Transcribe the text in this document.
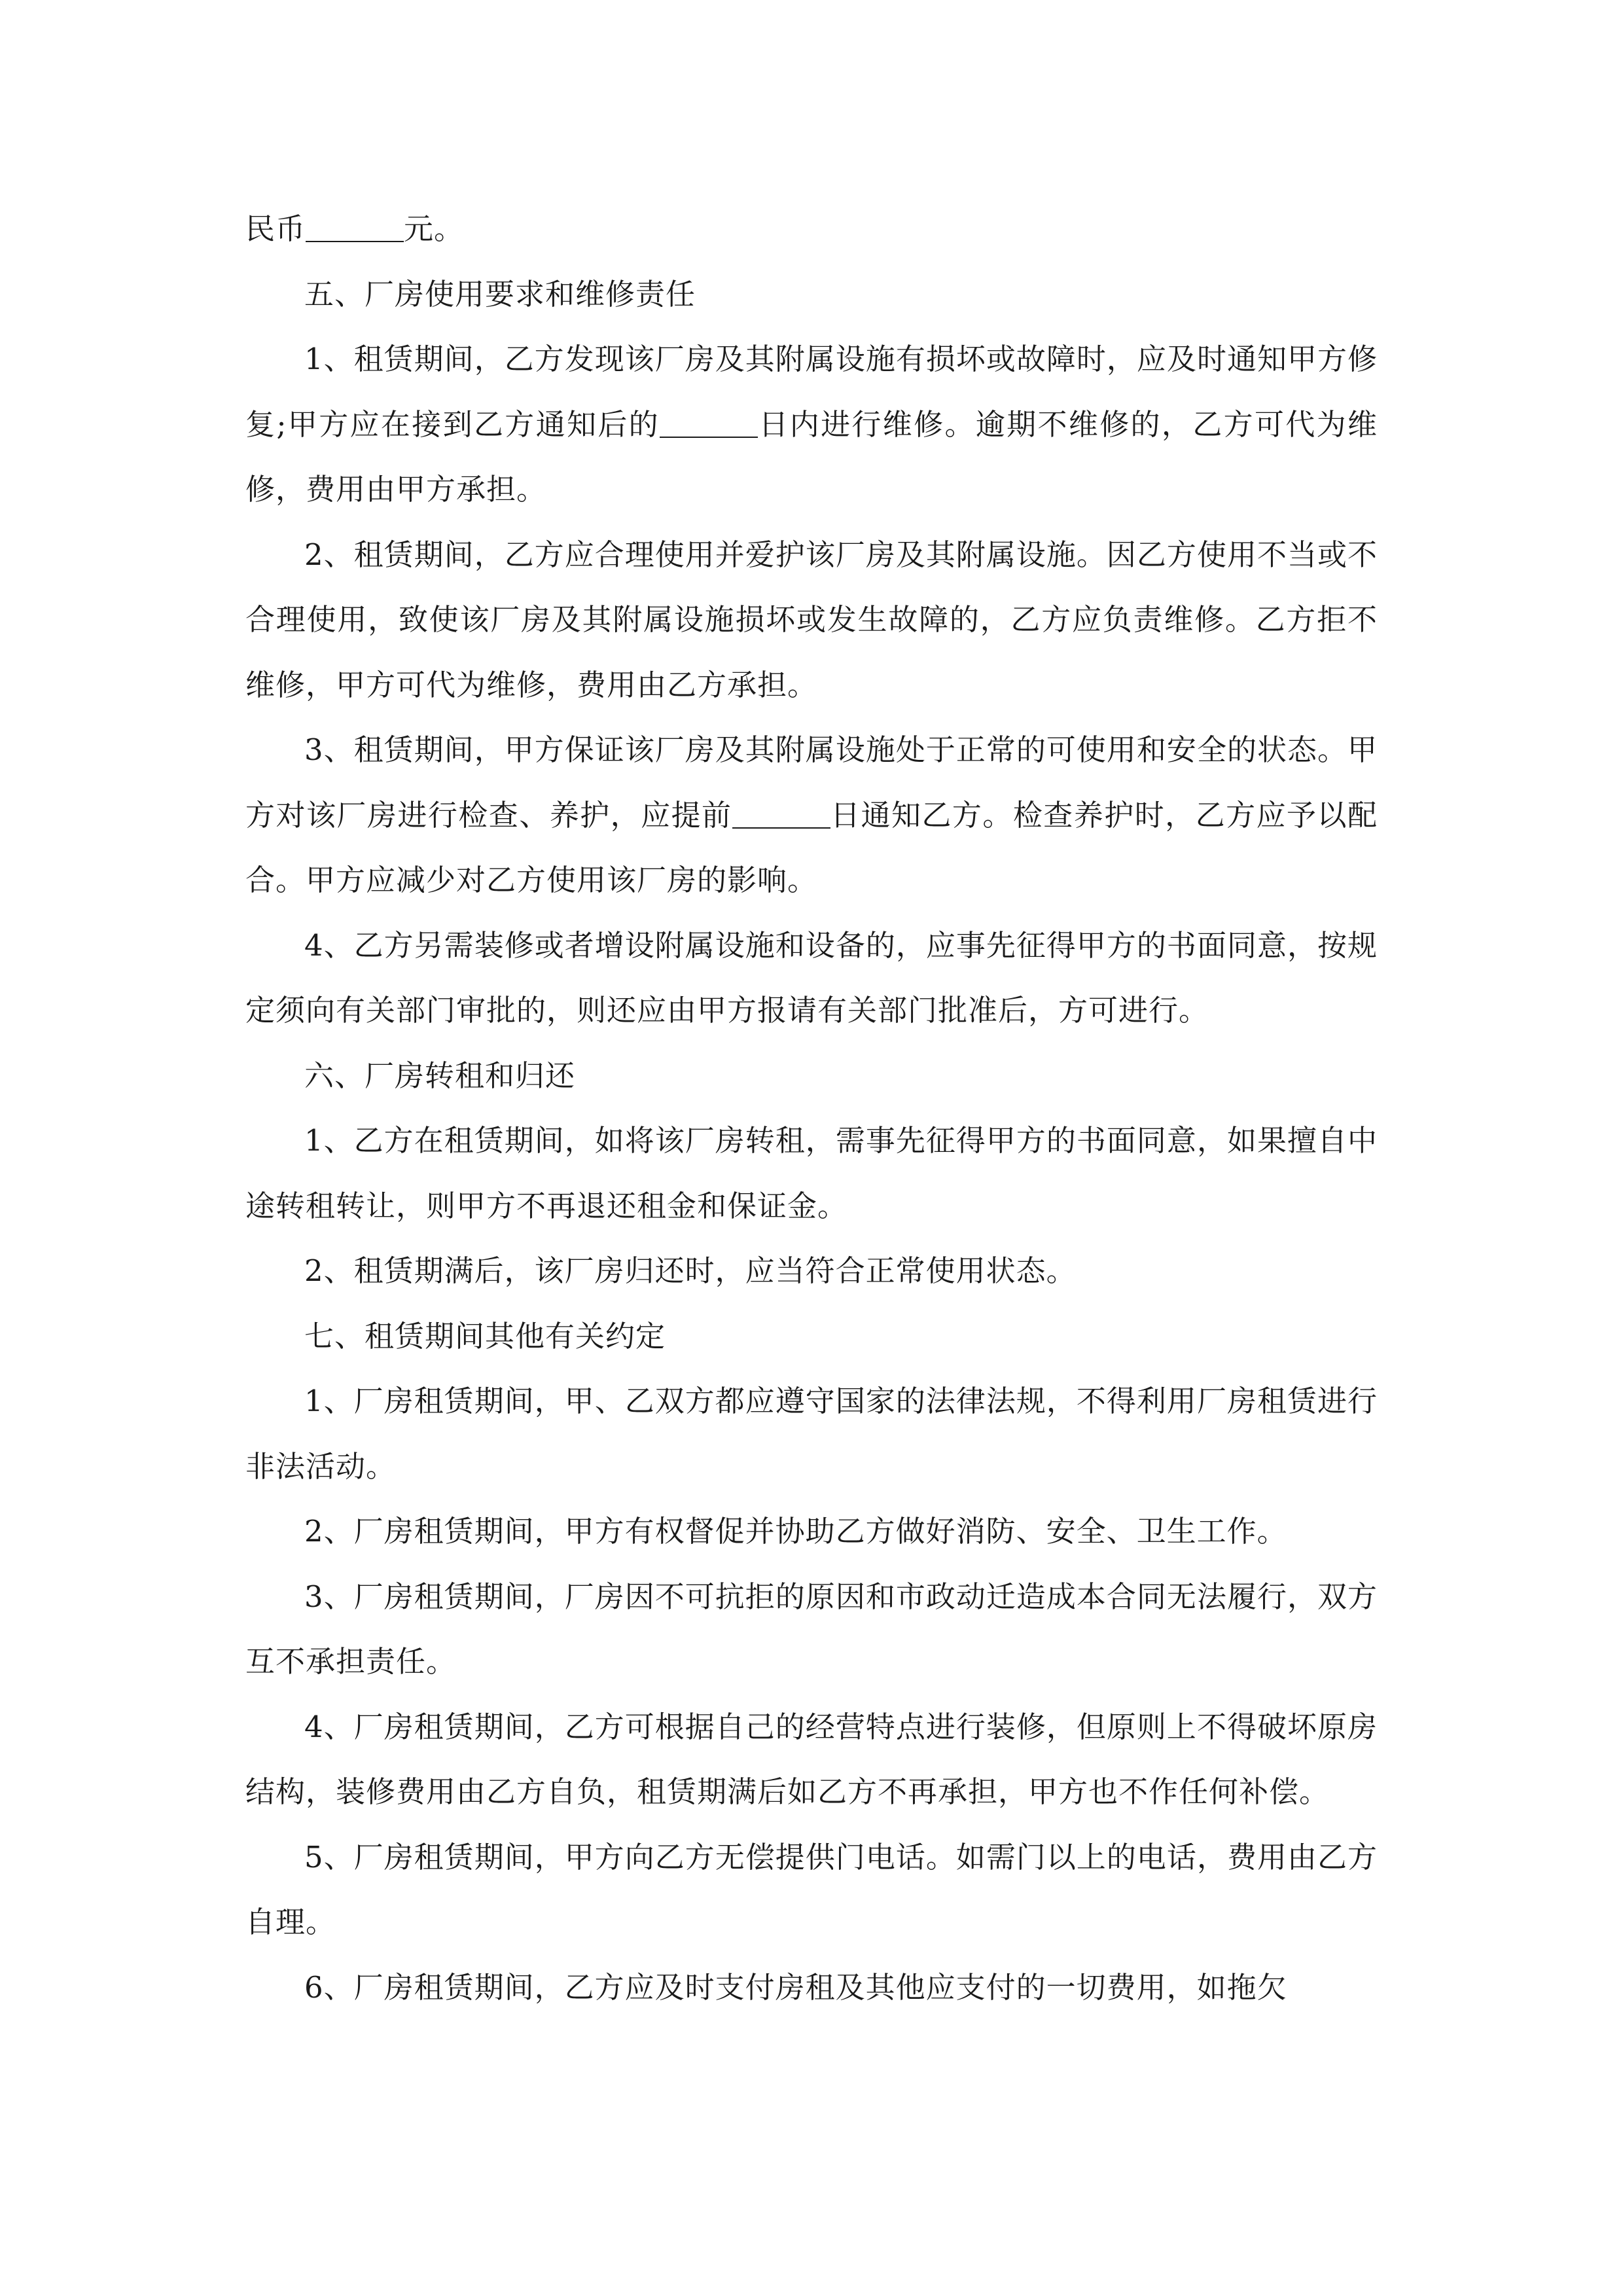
民币	元。

五、厂房使用要求和维修责任

1、租赁期间，乙方发现该厂房及其附属设施有损坏或故障时，应及时通知甲方修复;甲方应在接到乙方通知后的	日内进行维修。逾期不维修的，乙方可代为维修，费用由甲方承担。

2、租赁期间，乙方应合理使用并爱护该厂房及其附属设施。因乙方使用不当或不合理使用，致使该厂房及其附属设施损坏或发生故障的，乙方应负责维修。乙方拒不维修，甲方可代为维修，费用由乙方承担。

3、租赁期间，甲方保证该厂房及其附属设施处于正常的可使用和安全的状态。甲方对该厂房进行检查、养护，应提前	日通知乙方。检查养护时，乙方应予以配合。甲方应减少对乙方使用该厂房的影响。

4、乙方另需装修或者增设附属设施和设备的，应事先征得甲方的书面同意，按规定须向有关部门审批的，则还应由甲方报请有关部门批准后，方可进行。

六、厂房转租和归还

1、乙方在租赁期间，如将该厂房转租，需事先征得甲方的书面同意，如果擅自中途转租转让，则甲方不再退还租金和保证金。

2、租赁期满后，该厂房归还时，应当符合正常使用状态。

七、租赁期间其他有关约定

1、厂房租赁期间，甲、乙双方都应遵守国家的法律法规，不得利用厂房租赁进行非法活动。

2、厂房租赁期间，甲方有权督促并协助乙方做好消防、安全、卫生工作。

3、厂房租赁期间，厂房因不可抗拒的原因和市政动迁造成本合同无法履行，双方互不承担责任。

4、厂房租赁期间，乙方可根据自己的经营特点进行装修，但原则上不得破坏原房结构，装修费用由乙方自负，租赁期满后如乙方不再承担，甲方也不作任何补偿。

5、厂房租赁期间，甲方向乙方无偿提供门电话。如需门以上的电话，费用由乙方自理。

6、厂房租赁期间，乙方应及时支付房租及其他应支付的一切费用，如拖欠
